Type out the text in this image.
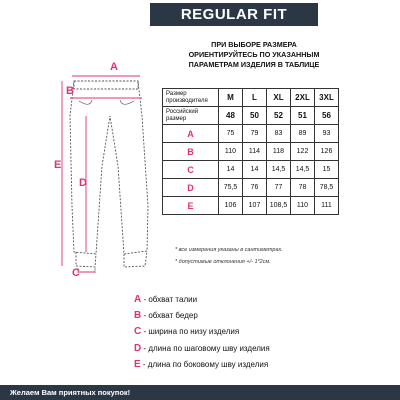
REGULAR FIT
ПРИ ВЫБОРЕ РАЗМЕРА
ОРИЕНТИРУЙТЕСЬ ПО УКАЗАННЫМ
ПАРАМЕТРАМ ИЗДЕЛИЯ В ТАБЛИЦЕ
A
B
D
E
C
Размер производителя	M	L	XL	2XL	3XL
Российский размер	48	50	52	51	56
A	75	79	83	89	93
B	110	114	118	122	126
C	14	14	14,5	14,5	15
D	75,5	76	77	78	78,5
E	106	107	108,5	110	111
* все измерения указаны в сантиметрах.
* допустимые отклонения +/- 1*2см.
A - обхват талии
B - обхват бедер
C - ширина по низу изделия
D - длина по шаговому шву изделия
E - длина по боковому шву изделия
Желаем Вам приятных покупок!
